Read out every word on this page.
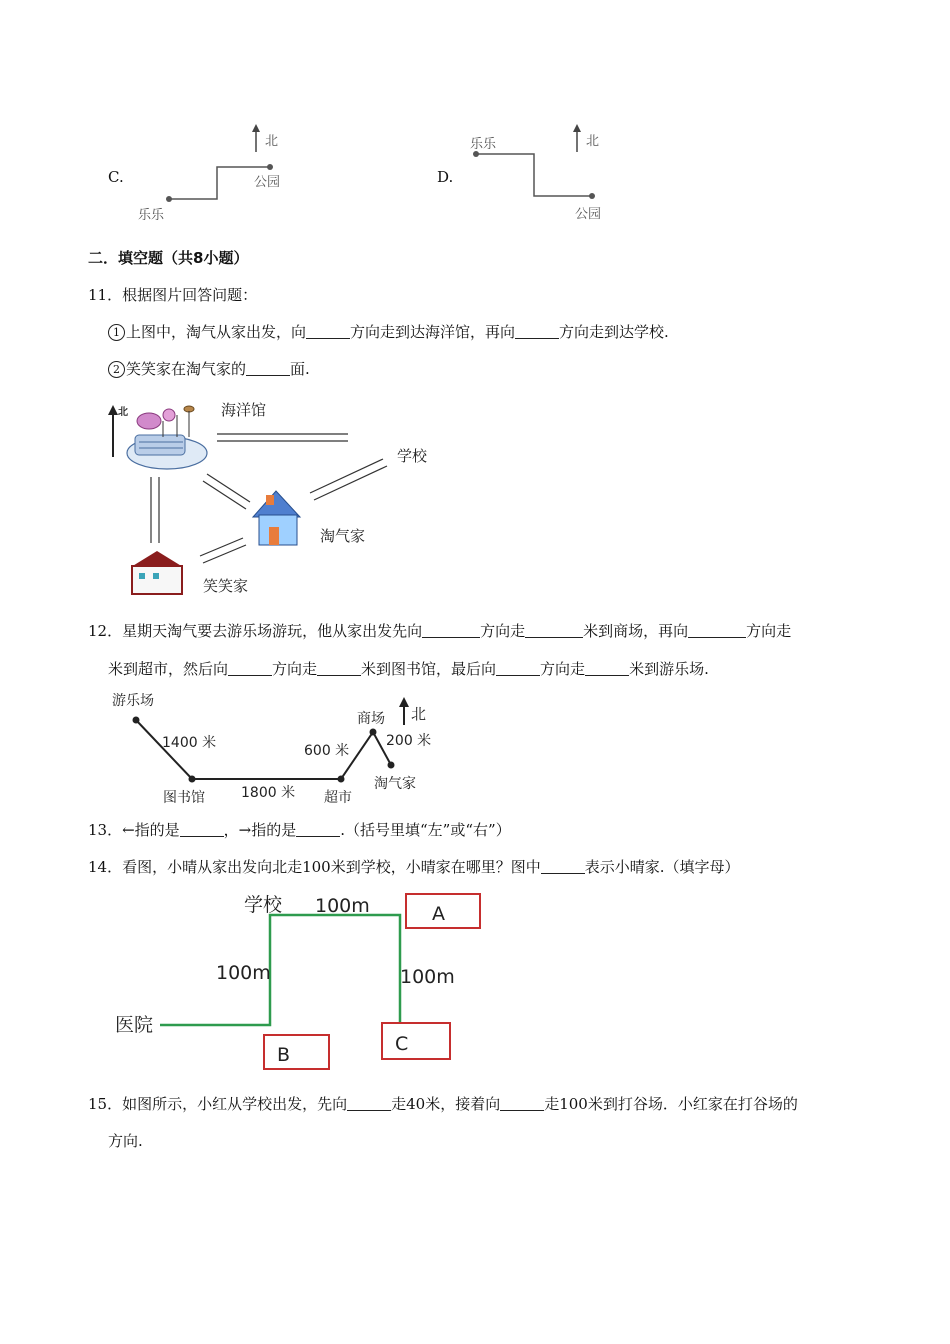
C.
北
公园
乐乐
D.
北
乐乐
公园
二．填空题（共8小题）
11．根据图片回答问题：
1 上图中，淘气从家出发，向	方向走到达海洋馆，再向	方向走到达学校.
2 笑笑家在淘气家的	面.
北	海洋馆
学校
淘气家
笑笑家
12．星期天淘气要去游乐场游玩，他从家出发先向	方向走	米到商场，再向	方向走
米到超市，然后向	方向走	米到图书馆，最后向	方向走	米到游乐场.
游乐场
1400 米
图书馆	1800 米 超市
600 米
商场 北
200 米
淘气家
13．←指的是	，→指的是	.（括号里填“左”或“右”）
14．看图，小晴从家出发向北走100米到学校，小晴家在哪里？图中	表示小晴家.（填字母）
学校 100m
100m	100m
医院
A
B	C
15．如图所示，小红从学校出发，先向	走40米，接着向	走100米到打谷场．小红家在打谷场的
方向.
